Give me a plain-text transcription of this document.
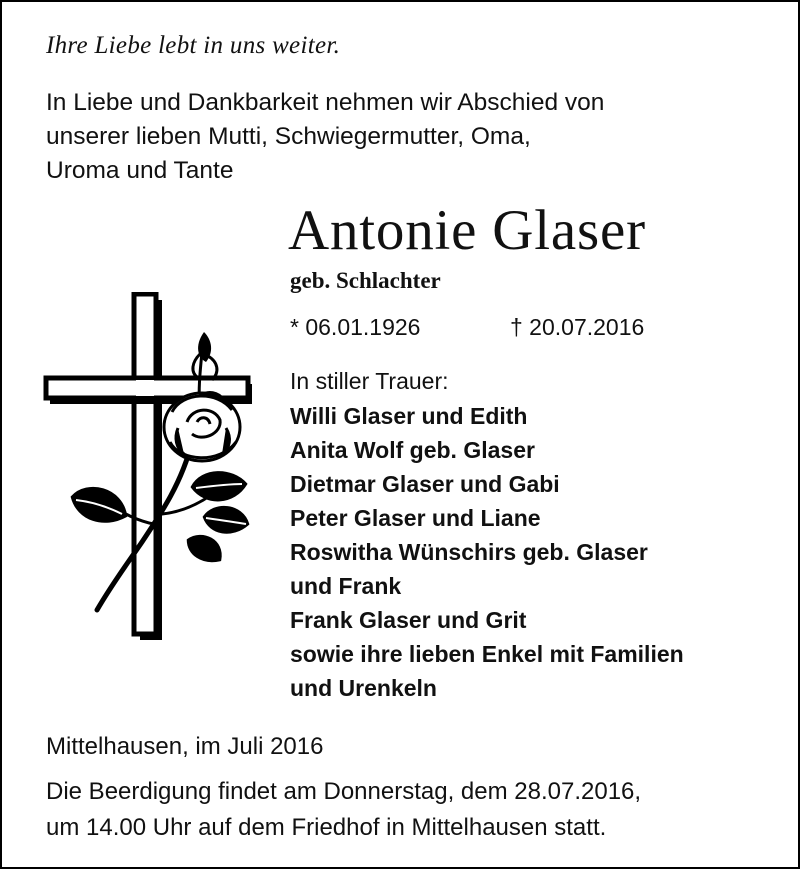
Ihre Liebe lebt in uns weiter.
In Liebe und Dankbarkeit nehmen wir Abschied von
unserer lieben Mutti, Schwiegermutter, Oma,
Uroma und Tante
Antonie Glaser
geb. Schlachter
* 06.01.1926	† 20.07.2016
In stiller Trauer:
Willi Glaser und Edith
Anita Wolf geb. Glaser
Dietmar Glaser und Gabi
Peter Glaser und Liane
Roswitha Wünschirs geb. Glaser
und Frank
Frank Glaser und Grit
sowie ihre lieben Enkel mit Familien
und Urenkeln
Mittelhausen, im Juli 2016
Die Beerdigung findet am Donnerstag, dem 28.07.2016,
um 14.00 Uhr auf dem Friedhof in Mittelhausen statt.
